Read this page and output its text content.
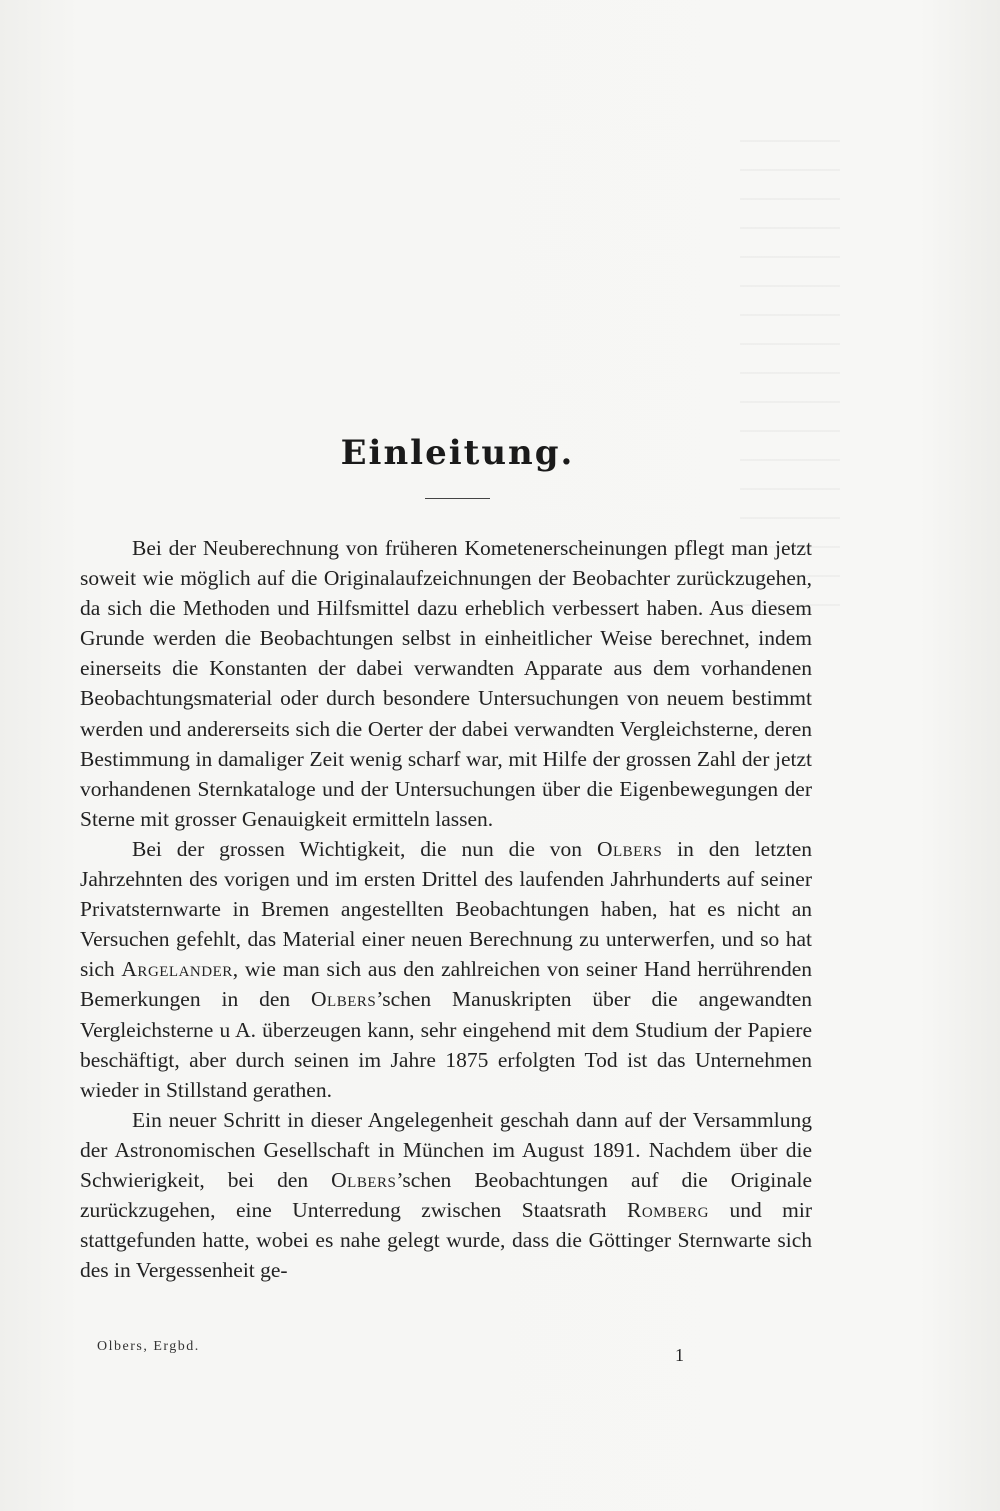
Einleitung.

Bei der Neuberechnung von früheren Kometenerscheinungen pflegt man jetzt soweit wie möglich auf die Originalaufzeichnungen der Beobachter zurückzugehen, da sich die Methoden und Hilfsmittel dazu erheblich verbessert haben. Aus diesem Grunde werden die Beobachtungen selbst in einheitlicher Weise berechnet, indem einerseits die Konstanten der dabei verwandten Apparate aus dem vorhandenen Beobachtungsmaterial oder durch besondere Untersuchungen von neuem bestimmt werden und andererseits sich die Oerter der dabei verwandten Vergleichsterne, deren Bestimmung in damaliger Zeit wenig scharf war, mit Hilfe der grossen Zahl der jetzt vorhandenen Sternkataloge und der Untersuchungen über die Eigenbewegungen der Sterne mit grosser Genauigkeit ermitteln lassen.

Bei der grossen Wichtigkeit, die nun die von Olbers in den letzten Jahrzehnten des vorigen und im ersten Drittel des laufenden Jahrhunderts auf seiner Privatsternwarte in Bremen angestellten Beobachtungen haben, hat es nicht an Versuchen gefehlt, das Material einer neuen Berechnung zu unterwerfen, und so hat sich Argelander, wie man sich aus den zahlreichen von seiner Hand herrührenden Bemerkungen in den Olbers’schen Manuskripten über die angewandten Vergleichsterne u A. überzeugen kann, sehr eingehend mit dem Studium der Papiere beschäftigt, aber durch seinen im Jahre 1875 erfolgten Tod ist das Unternehmen wieder in Stillstand gerathen.

Ein neuer Schritt in dieser Angelegenheit geschah dann auf der Versammlung der Astronomischen Gesellschaft in München im August 1891. Nachdem über die Schwierigkeit, bei den Olbers’schen Beobachtungen auf die Originale zurückzugehen, eine Unterredung zwischen Staatsrath Romberg und mir stattgefunden hatte, wobei es nahe gelegt wurde, dass die Göttinger Sternwarte sich des in Vergessenheit ge-

Olbers, Ergbd.	1
